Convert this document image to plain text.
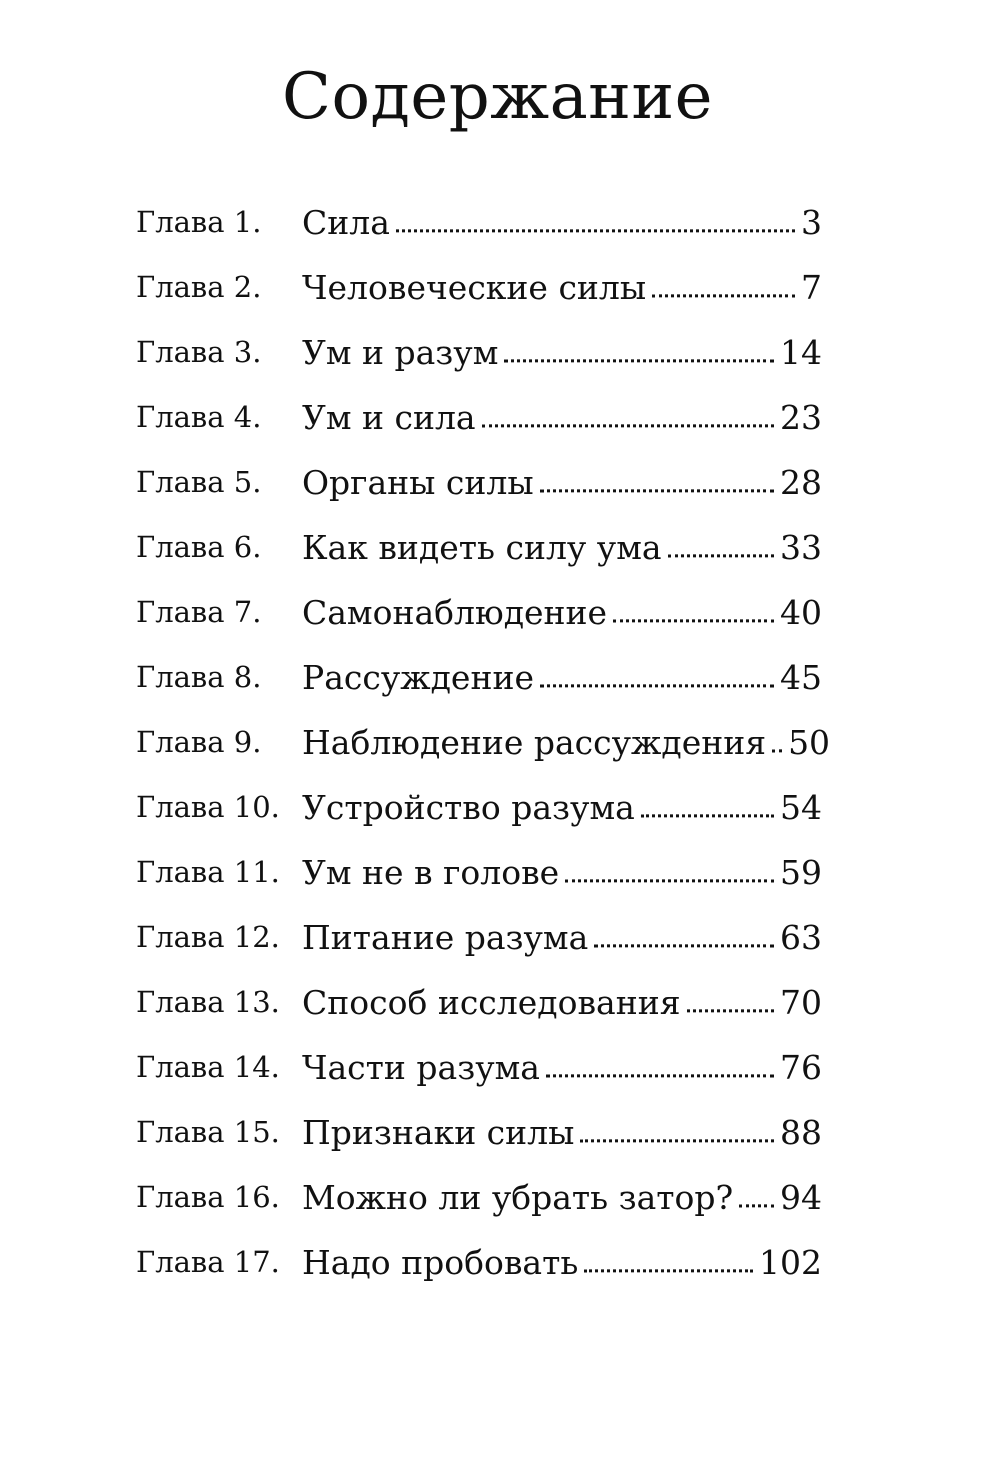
Содержание
Глава 1.	Сила	3
Глава 2.	Человеческие силы	7
Глава 3.	Ум и разум	14
Глава 4.	Ум и сила	23
Глава 5.	Органы силы	28
Глава 6.	Как видеть силу ума	33
Глава 7.	Самонаблюдение	40
Глава 8.	Рассуждение	45
Глава 9.	Наблюдение рассуждения 50
Глава 10. Устройство разума	54
Глава 11. Ум не в голове	59
Глава 12. Питание разума	63
Глава 13. Способ исследования	70
Глава 14. Части разума	76
Глава 15. Признаки силы	88
Глава 16. Можно ли убрать затор? 94
Глава 17. Надо пробовать	102
